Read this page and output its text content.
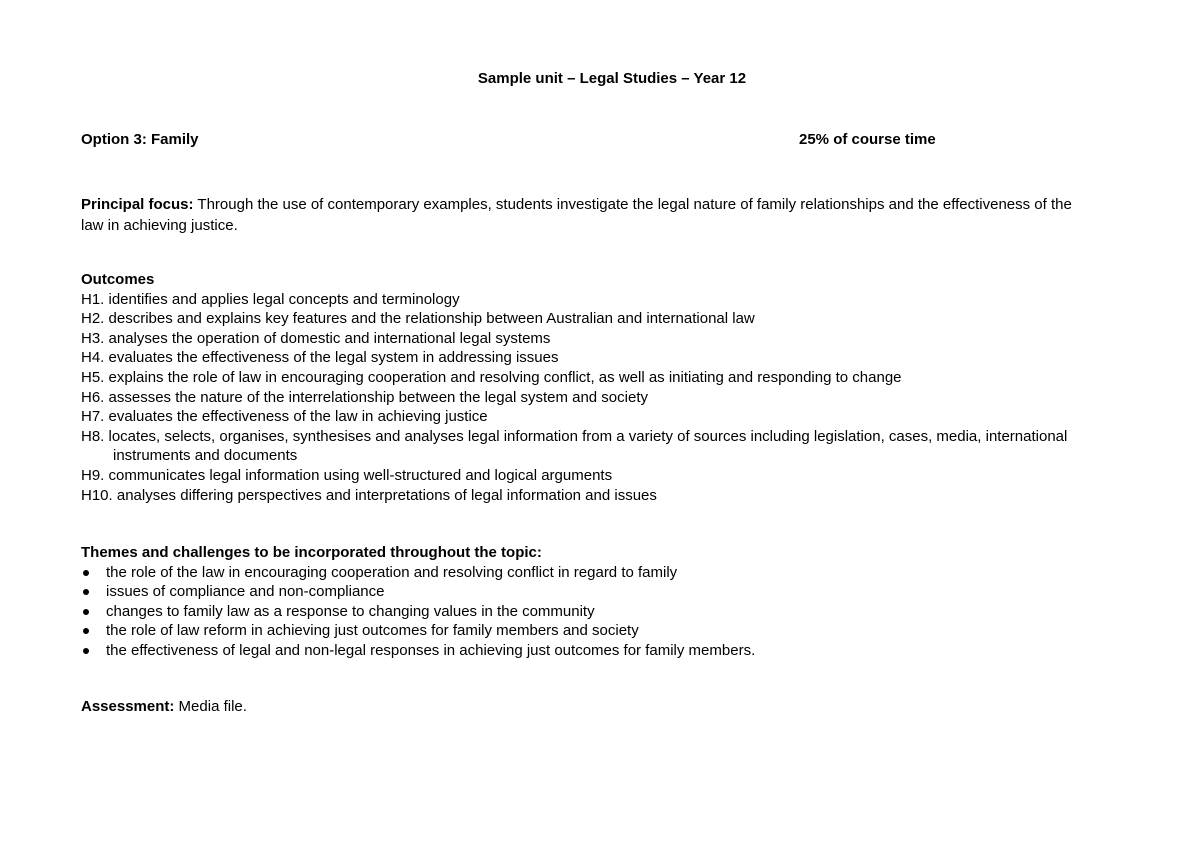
Sample unit – Legal Studies – Year 12
Option 3: Family	25% of course time
Principal focus: Through the use of contemporary examples, students investigate the legal nature of family relationships and the effectiveness of the law in achieving justice.
Outcomes
H1. identifies and applies legal concepts and terminology
H2. describes and explains key features and the relationship between Australian and international law
H3. analyses the operation of domestic and international legal systems
H4. evaluates the effectiveness of the legal system in addressing issues
H5. explains the role of law in encouraging cooperation and resolving conflict, as well as initiating and responding to change
H6. assesses the nature of the interrelationship between the legal system and society
H7. evaluates the effectiveness of the law in achieving justice
H8. locates, selects, organises, synthesises and analyses legal information from a variety of sources including legislation, cases, media, international instruments and documents
H9. communicates legal information using well-structured and logical arguments
H10. analyses differing perspectives and interpretations of legal information and issues
Themes and challenges to be incorporated throughout the topic:
the role of the law in encouraging cooperation and resolving conflict in regard to family
issues of compliance and non-compliance
changes to family law as a response to changing values in the community
the role of law reform in achieving just outcomes for family members and society
the effectiveness of legal and non-legal responses in achieving just outcomes for family members.
Assessment: Media file.
